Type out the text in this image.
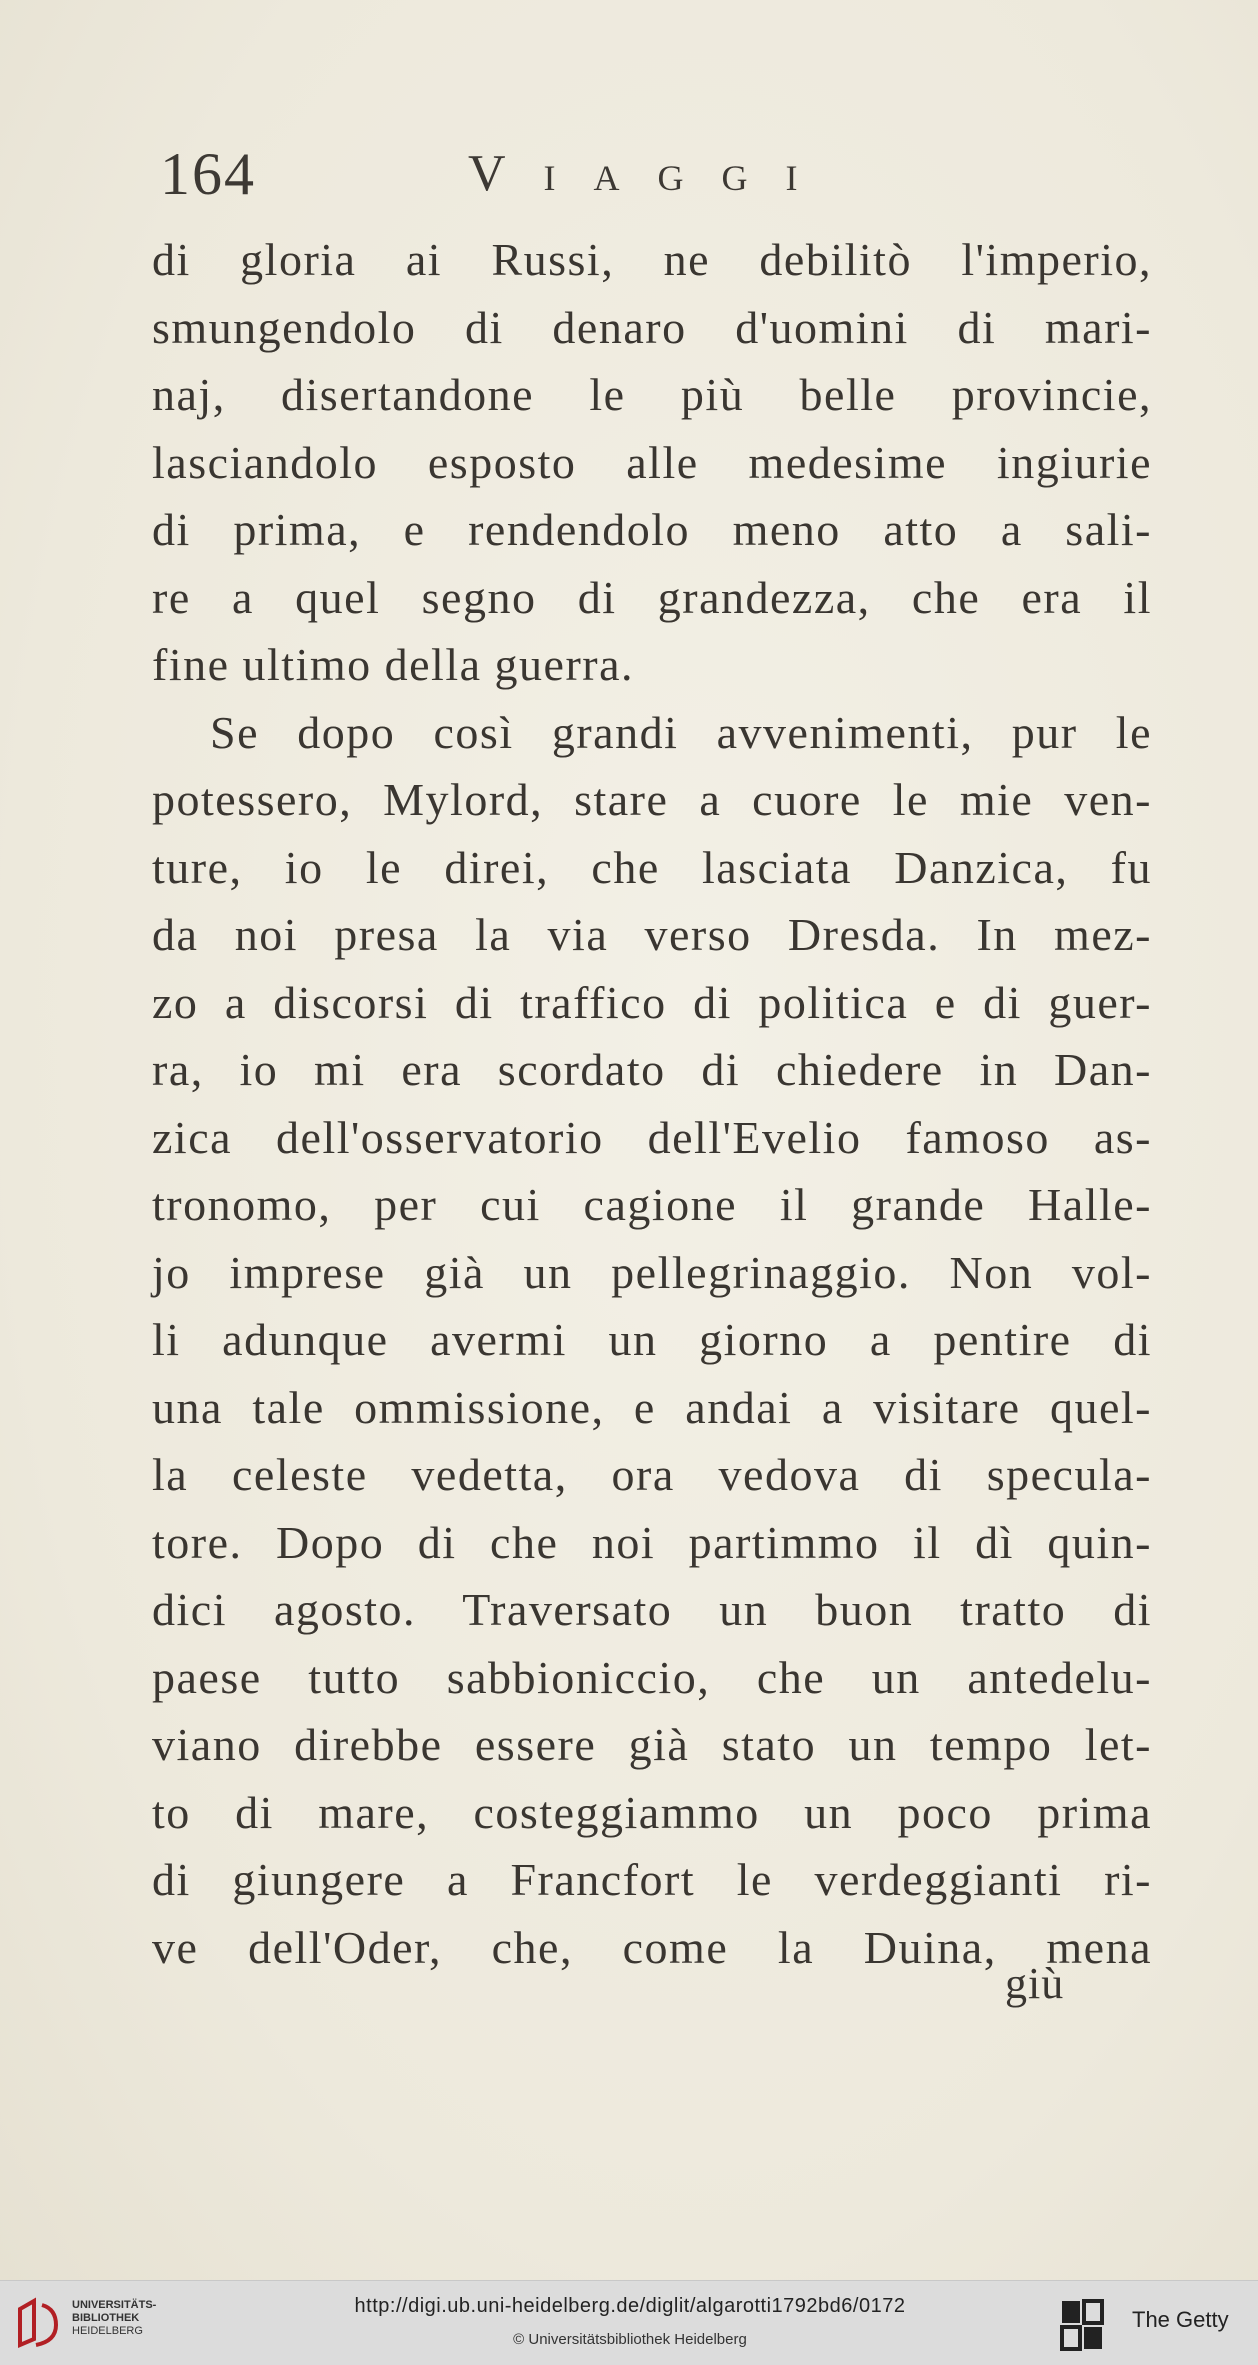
164	Viaggi
di gloria ai Russi, ne debilitò l'imperio,
smungendolo di denaro d'uomini di mari-
naj, disertandone le più belle provincie,
lasciandolo esposto alle medesime ingiurie
di prima, e rendendolo meno atto a sali-
re a quel segno di grandezza, che era il
fine ultimo della guerra.
Se dopo così grandi avvenimenti, pur le
potessero, Mylord, stare a cuore le mie ven-
ture, io le direi, che lasciata Danzica, fu
da noi presa la via verso Dresda. In mez-
zo a discorsi di traffico di politica e di guer-
ra, io mi era scordato di chiedere in Dan-
zica dell'osservatorio dell'Evelio famoso as-
tronomo, per cui cagione il grande Halle-
jo imprese già un pellegrinaggio. Non vol-
li adunque avermi un giorno a pentire di
una tale ommissione, e andai a visitare quel-
la celeste vedetta, ora vedova di specula-
tore. Dopo di che noi partimmo il dì quin-
dici agosto. Traversato un buon tratto di
paese tutto sabbioniccio, che un antedelu-
viano direbbe essere già stato un tempo let-
to di mare, costeggiammo un poco prima
di giungere a Francfort le verdeggianti ri-
ve dell'Oder, che, come la Duina, mena
giù
UNIVERSITÄTS-
BIBLIOTHEK
HEIDELBERG
http://digi.ub.uni-heidelberg.de/diglit/algarotti1792bd6/0172
© Universitätsbibliothek Heidelberg
The Getty
